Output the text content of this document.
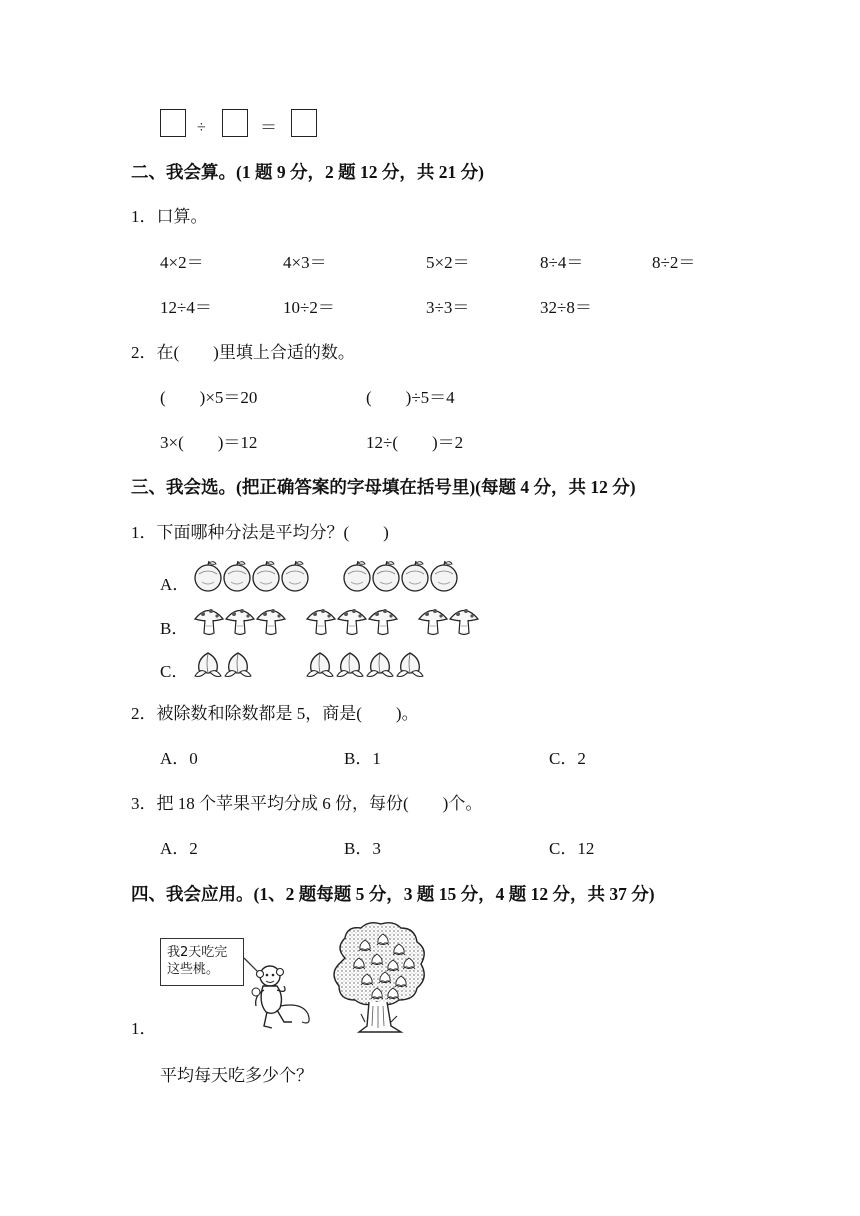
÷	＝
二、我会算。(1 题 9 分，2 题 12 分，共 21 分)
1．口算。
4×2＝	4×3＝	5×2＝	8÷4＝	8÷2＝
12÷4＝	10÷2＝	3÷3＝	32÷8＝
2．在(　　)里填上合适的数。
(　　)×5＝20	(　　)÷5＝4
3×(　　)＝12	12÷(　　)＝2
三、我会选。(把正确答案的字母填在括号里)(每题 4 分，共 12 分)
1．下面哪种分法是平均分？(　　)
A．
B．
C．
2．被除数和除数都是 5，商是(　　)。
A．0	B．1	C．2
3．把 18 个苹果平均分成 6 份，每份(　　)个。
A．2	B．3	C．12
四、我会应用。(1、2 题每题 5 分，3 题 15 分，4 题 12 分，共 37 分)
我2天吃完
这些桃。
1．
平均每天吃多少个？
